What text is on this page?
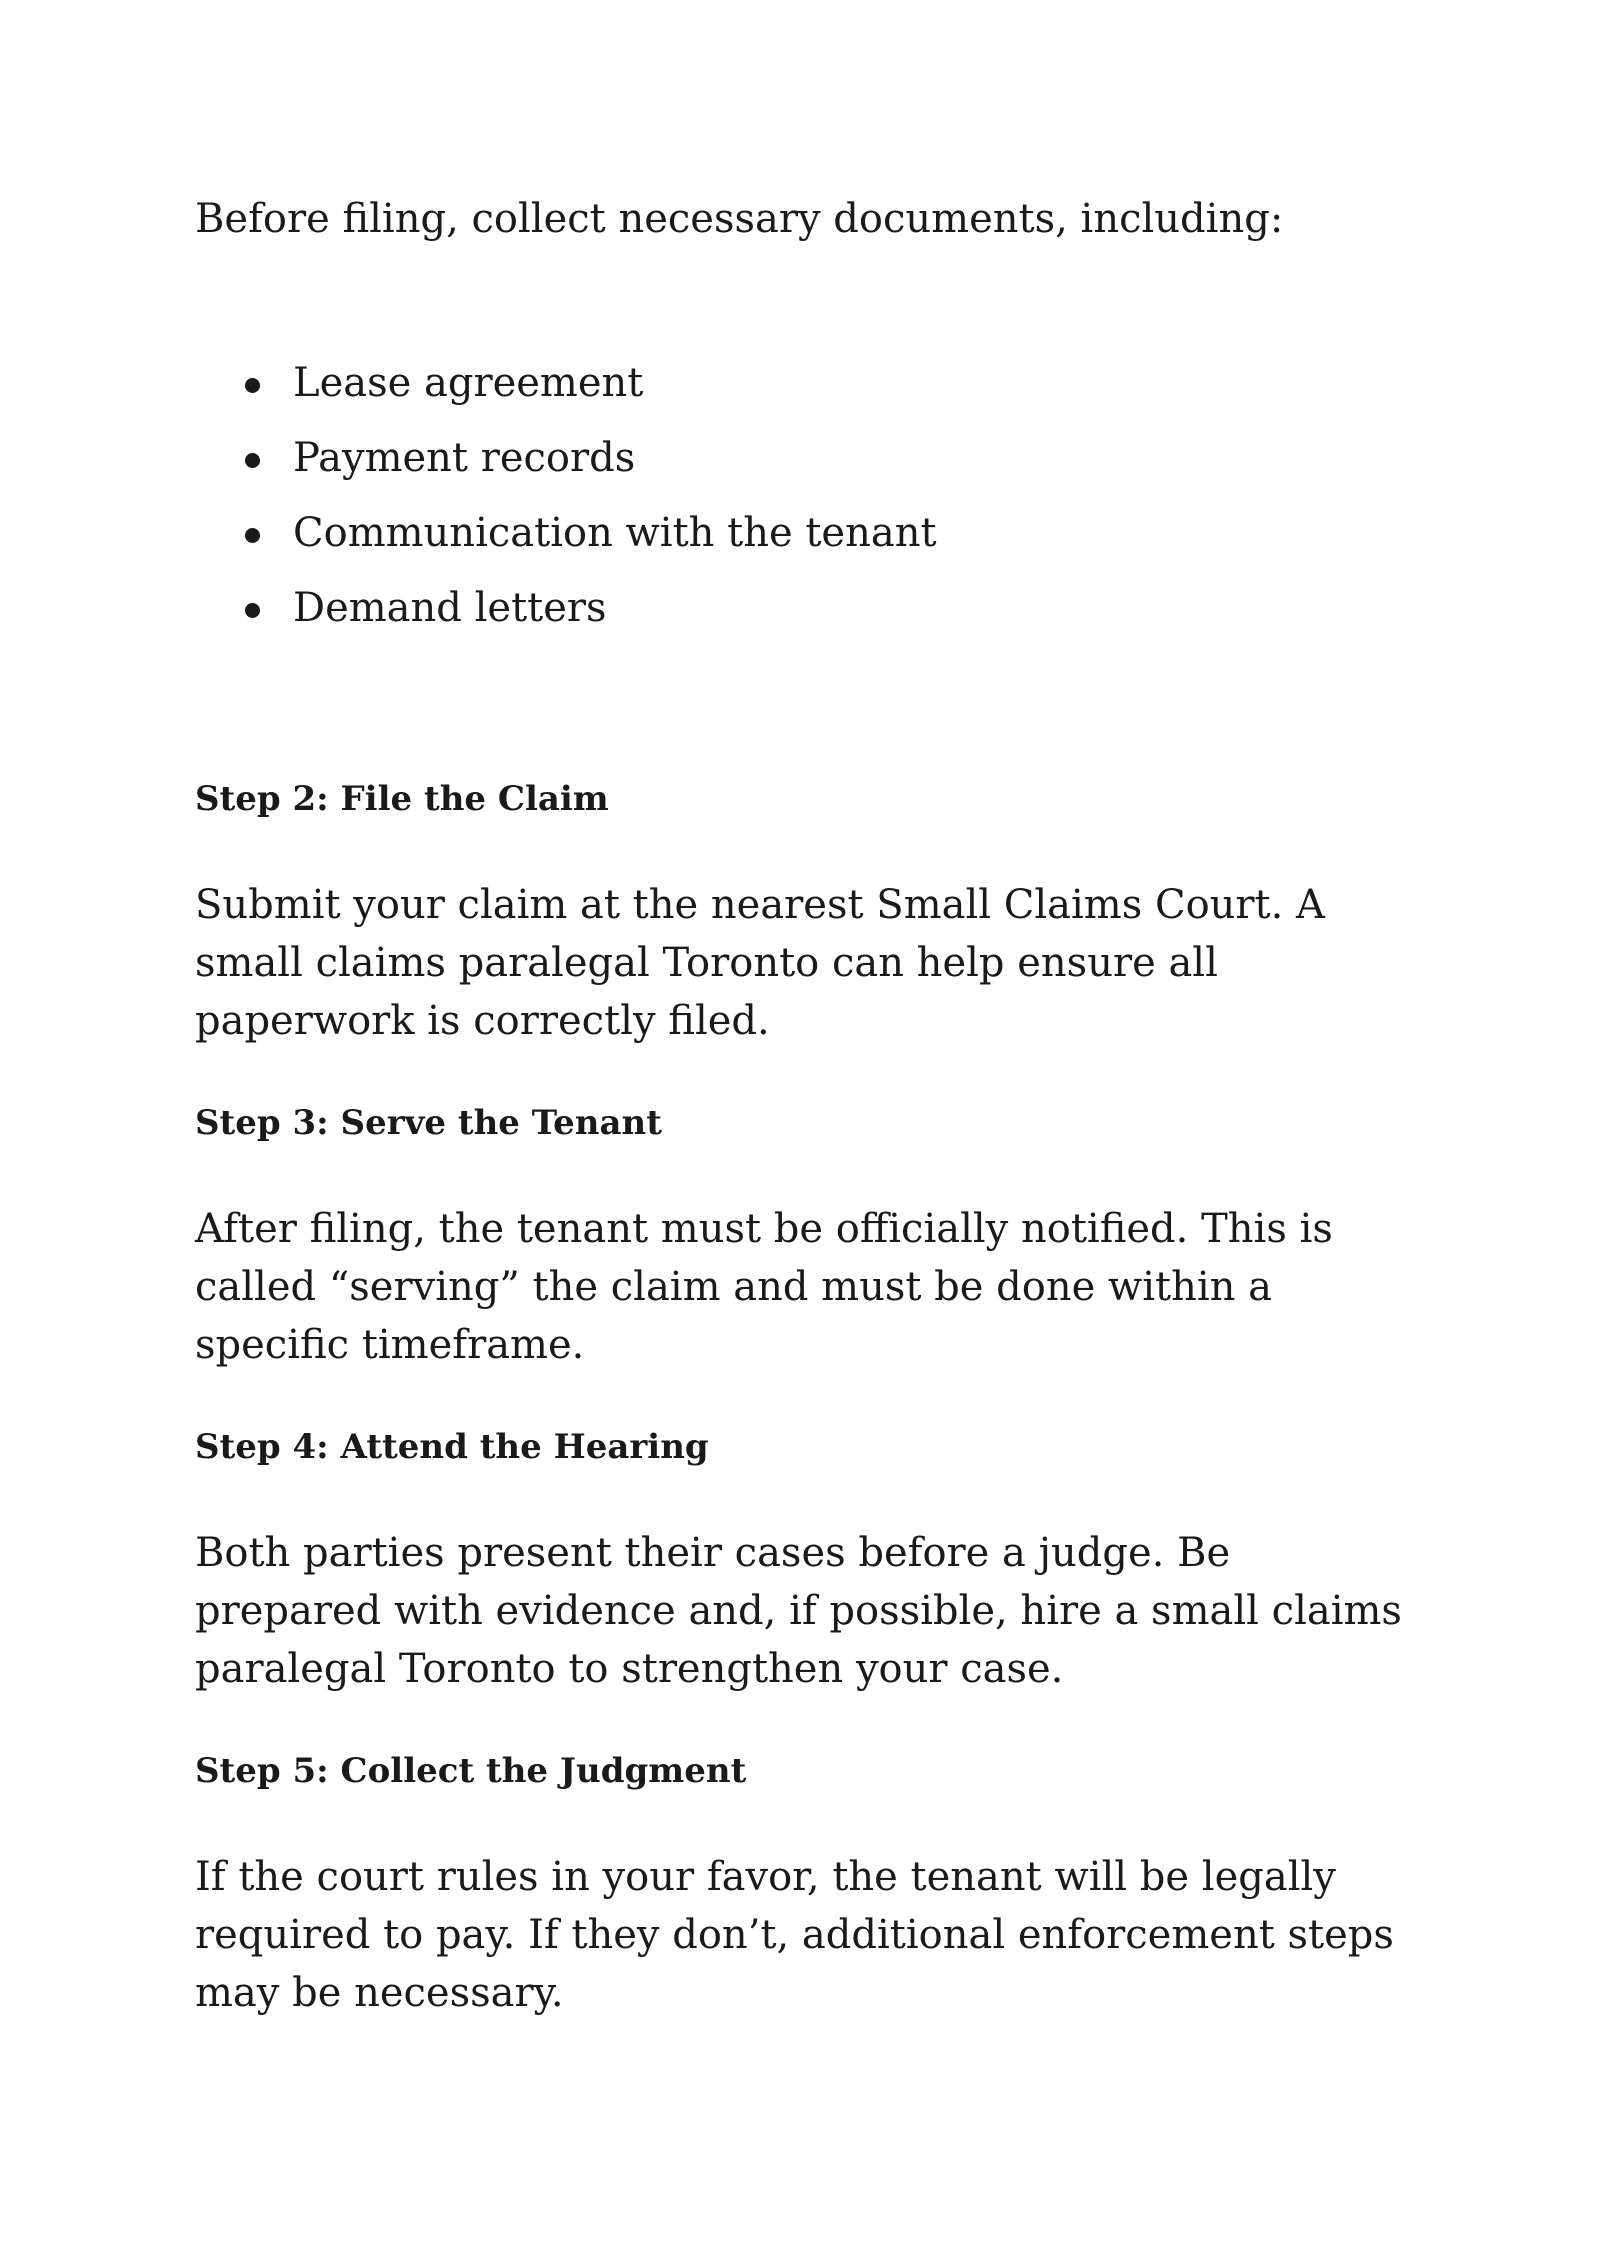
Before filing, collect necessary documents, including:

Lease agreement
Payment records
Communication with the tenant
Demand letters
Step 2: File the Claim

Submit your claim at the nearest Small Claims Court. A small claims paralegal Toronto can help ensure all paperwork is correctly filed.

Step 3: Serve the Tenant

After filing, the tenant must be officially notified. This is called “serving” the claim and must be done within a specific timeframe.

Step 4: Attend the Hearing

Both parties present their cases before a judge. Be prepared with evidence and, if possible, hire a small claims paralegal Toronto to strengthen your case.

Step 5: Collect the Judgment

If the court rules in your favor, the tenant will be legally required to pay. If they don’t, additional enforcement steps may be necessary.
